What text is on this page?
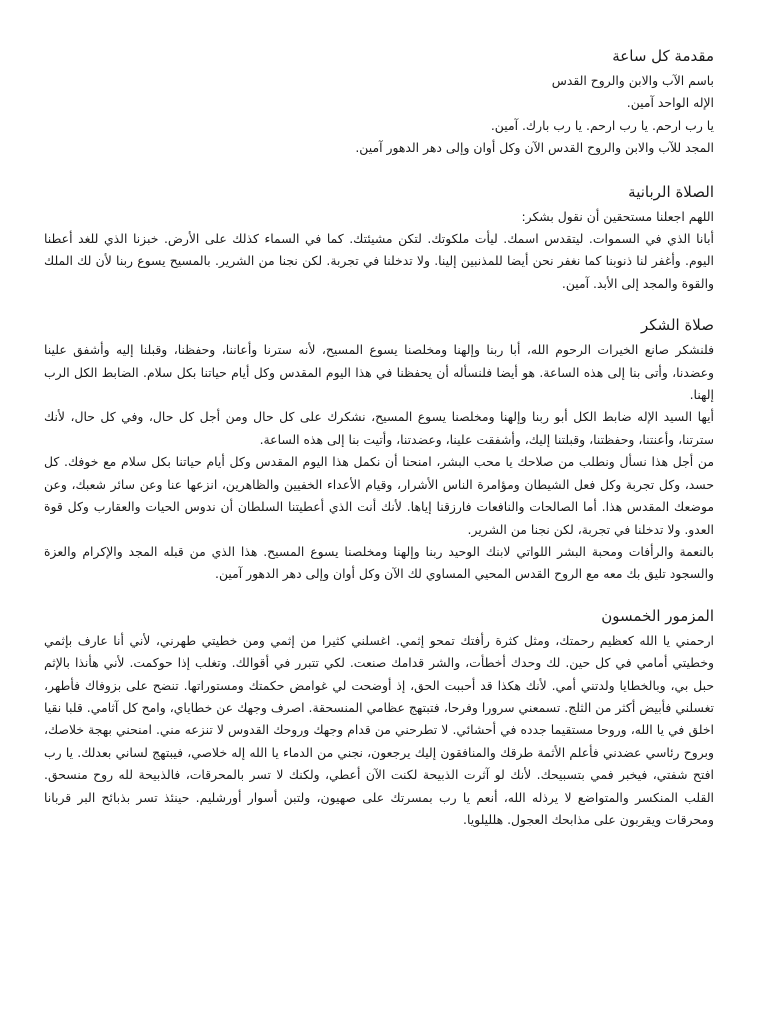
مقدمة كل ساعة

باسم الآب والابن والروح القدس

الإله الواحد آمين.

يا رب ارحم. يا رب ارحم. يا رب بارك. آمين.

المجد للآب والابن والروح القدس الآن وكل أوان وإلى دهر الدهور آمين.

الصلاة الربانية

اللهم اجعلنا مستحقين أن نقول بشكر:

أبانا الذي في السموات. ليتقدس اسمك. ليأت ملكوتك. لتكن مشيئتك. كما في السماء كذلك على الأرض. خبزنا الذي للغد أعطنا اليوم. وأغفر لنا ذنوبنا كما نغفر نحن أيضا للمذنبين إلينا. ولا تدخلنا في تجربة. لكن نجنا من الشرير. بالمسيح يسوع ربنا لأن لك الملك والقوة والمجد إلى الأبد. آمين.

صلاة الشكر

فلنشكر صانع الخيرات الرحوم الله، أبا ربنا وإلهنا ومخلصنا يسوع المسيح، لأنه سترنا وأعاننا، وحفظنا، وقبلنا إليه وأشفق علينا وعضدنا، وأتى بنا إلى هذه الساعة. هو أيضا فلنسأله أن يحفظنا في هذا اليوم المقدس وكل أيام حياتنا بكل سلام. الضابط الكل الرب إلهنا.

أيها السيد الإله ضابط الكل أبو ربنا وإلهنا ومخلصنا يسوع المسيح، نشكرك على كل حال ومن أجل كل حال، وفي كل حال، لأنك سترتنا، وأعنتنا، وحفظتنا، وقبلتنا إليك، وأشفقت علينا، وعضدتنا، وأتيت بنا إلى هذه الساعة.

من أجل هذا نسأل ونطلب من صلاحك يا محب البشر، امنحنا أن نكمل هذا اليوم المقدس وكل أيام حياتنا بكل سلام مع خوفك. كل حسد، وكل تجربة وكل فعل الشيطان ومؤامرة الناس الأشرار، وقيام الأعداء الخفيين والظاهرين، انزعها عنا وعن سائر شعبك، وعن موضعك المقدس هذا. أما الصالحات والنافعات فارزقنا إياها. لأنك أنت الذي أعطيتنا السلطان أن ندوس الحيات والعقارب وكل قوة العدو. ولا تدخلنا في تجربة، لكن نجنا من الشرير.

بالنعمة والرأفات ومحبة البشر اللواتي لابنك الوحيد ربنا وإلهنا ومخلصنا يسوع المسيح. هذا الذي من قبله المجد والإكرام والعزة والسجود تليق بك معه مع الروح القدس المحيي المساوي لك الآن وكل أوان وإلى دهر الدهور آمين.

المزمور الخمسون

ارحمني يا الله كعظيم رحمتك، ومثل كثرة رأفتك تمحو إثمي. اغسلني كثيرا من إثمي ومن خطيتي طهرني، لأني أنا عارف بإثمي وخطيتي أمامي في كل حين. لك وحدك أخطأت، والشر قدامك صنعت. لكي تتبرر في أقوالك. وتغلب إذا حوكمت. لأني هأنذا بالإثم حبل بي، وبالخطايا ولدتني أمي. لأنك هكذا قد أحببت الحق، إذ أوضحت لي غوامض حكمتك ومستوراتها. تنضح على بزوفاك فأطهر، تغسلني فأبيض أكثر من الثلج. تسمعني سرورا وفرحا، فتبتهج عظامي المنسحقة. اصرف وجهك عن خطاياي، وامح كل آثامي. قلبا نقيا اخلق في يا الله، وروحا مستقيما جدده في أحشائي. لا تطرحني من قدام وجهك وروحك القدوس لا تنزعه مني. امنحني بهجة خلاصك، وبروح رئاسي عضدني فأعلم الأثمة طرقك والمنافقون إليك يرجعون، نجني من الدماء يا الله إله خلاصي، فيبتهج لساني بعدلك. يا رب افتح شفتي، فيخبر فمي بتسبيحك. لأنك لو آثرت الذبيحة لكنت الآن أعطي، ولكنك لا تسر بالمحرقات، فالذبيحة لله روح منسحق. القلب المنكسر والمتواضع لا يرذله الله، أنعم يا رب بمسرتك على صهيون، ولتبن أسوار أورشليم. حينئذ تسر بذبائح البر قربانا ومحرقات ويقربون على مذابحك العجول. هلليلويا.
